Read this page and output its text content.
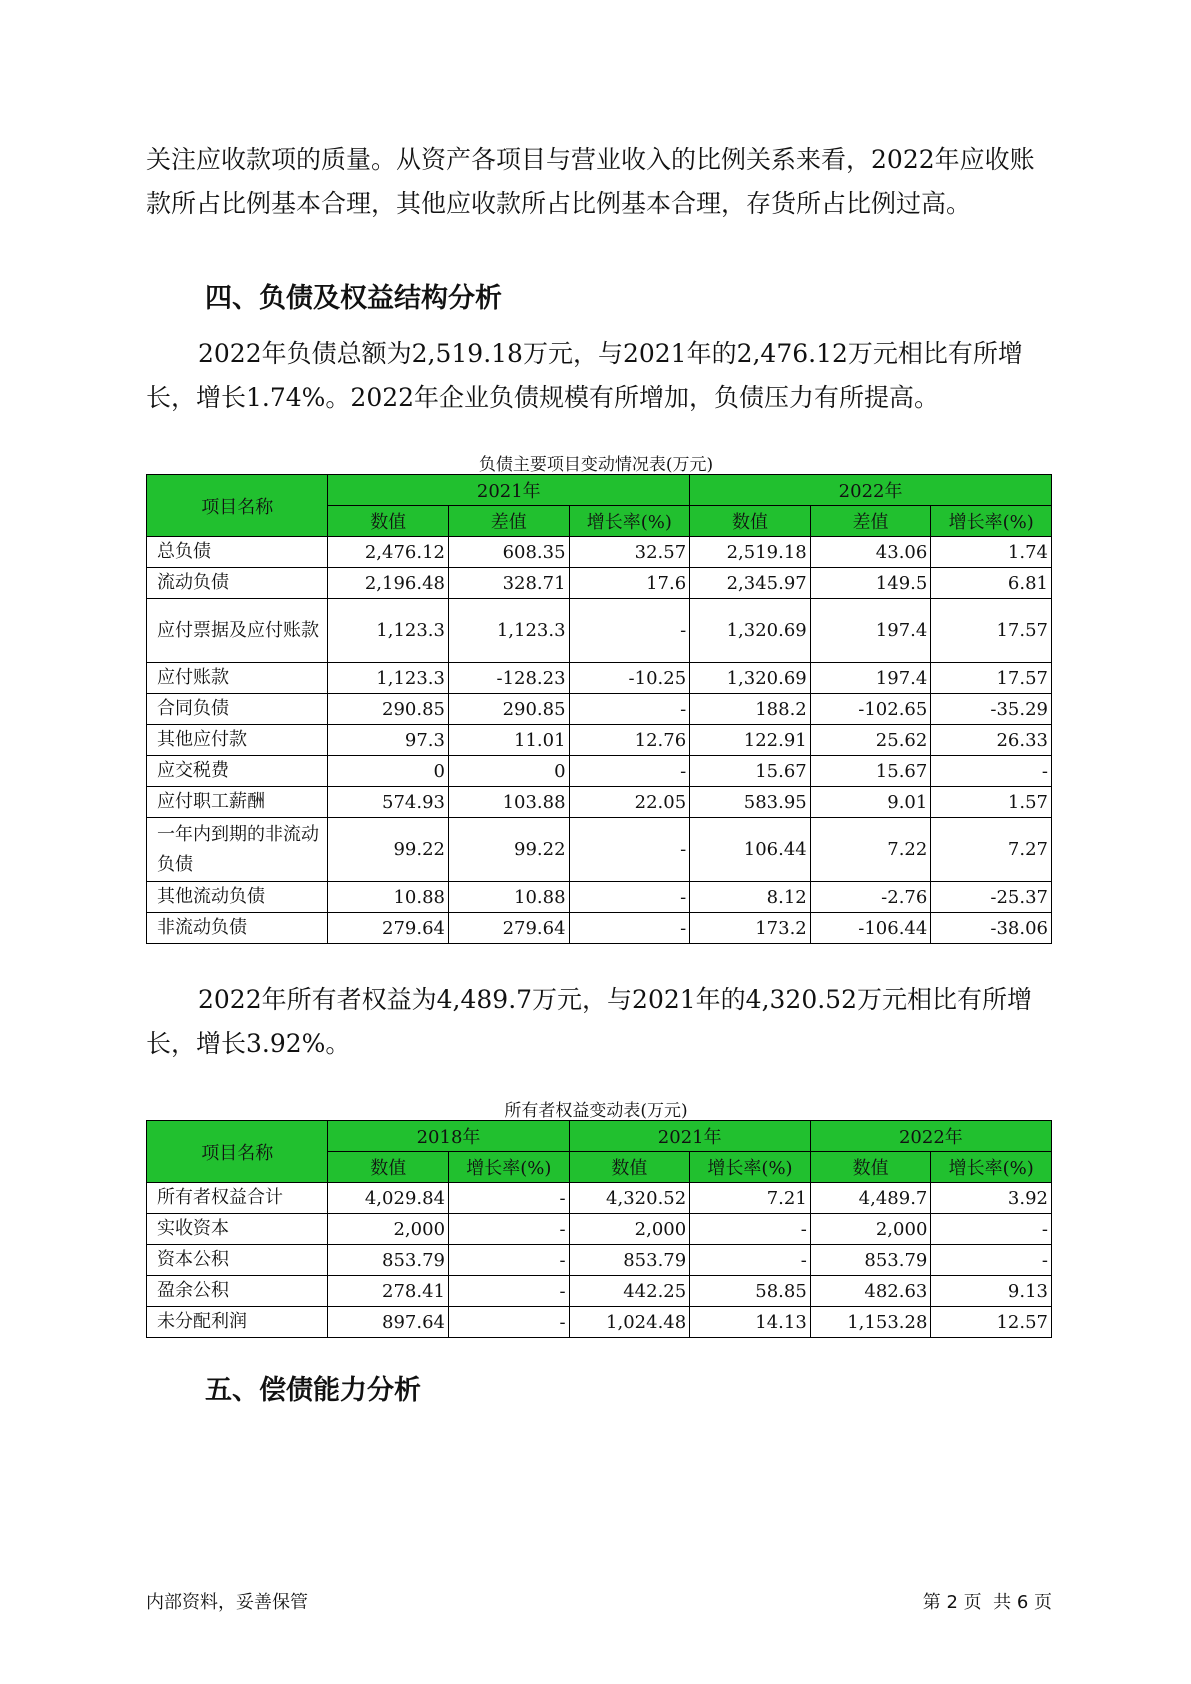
关注应收款项的质量。从资产各项目与营业收入的比例关系来看，2022年应收账款所占比例基本合理，其他应收款所占比例基本合理，存货所占比例过高。

四、负债及权益结构分析

2022年负债总额为2,519.18万元，与2021年的2,476.12万元相比有所增长，增长1.74%。2022年企业负债规模有所增加，负债压力有所提高。

负债主要项目变动情况表(万元)
项目名称	2021年			2022年		
	数值	差值	增长率(%)	数值	差值	增长率(%)
总负债	2,476.12	608.35	32.57	2,519.18	43.06	1.74
流动负债	2,196.48	328.71	17.6	2,345.97	149.5	6.81
应付票据及应付账款	1,123.3	1,123.3	-	1,320.69	197.4	17.57
应付账款	1,123.3	-128.23	-10.25	1,320.69	197.4	17.57
合同负债	290.85	290.85	-	188.2	-102.65	-35.29
其他应付款	97.3	11.01	12.76	122.91	25.62	26.33
应交税费	0	0	-	15.67	15.67	-
应付职工薪酬	574.93	103.88	22.05	583.95	9.01	1.57
一年内到期的非流动负债	99.22	99.22	-	106.44	7.22	7.27
其他流动负债	10.88	10.88	-	8.12	-2.76	-25.37
非流动负债	279.64	279.64	-	173.2	-106.44	-38.06

2022年所有者权益为4,489.7万元，与2021年的4,320.52万元相比有所增长，增长3.92%。

所有者权益变动表(万元)
项目名称	2018年		2021年		2022年	
	数值	增长率(%)	数值	增长率(%)	数值	增长率(%)
所有者权益合计	4,029.84	-	4,320.52	7.21	4,489.7	3.92
实收资本	2,000	-	2,000	-	2,000	-
资本公积	853.79	-	853.79	-	853.79	-
盈余公积	278.41	-	442.25	58.85	482.63	9.13
未分配利润	897.64	-	1,024.48	14.13	1,153.28	12.57
五、偿债能力分析
内部资料，妥善保管	第 2 页  共 6 页
